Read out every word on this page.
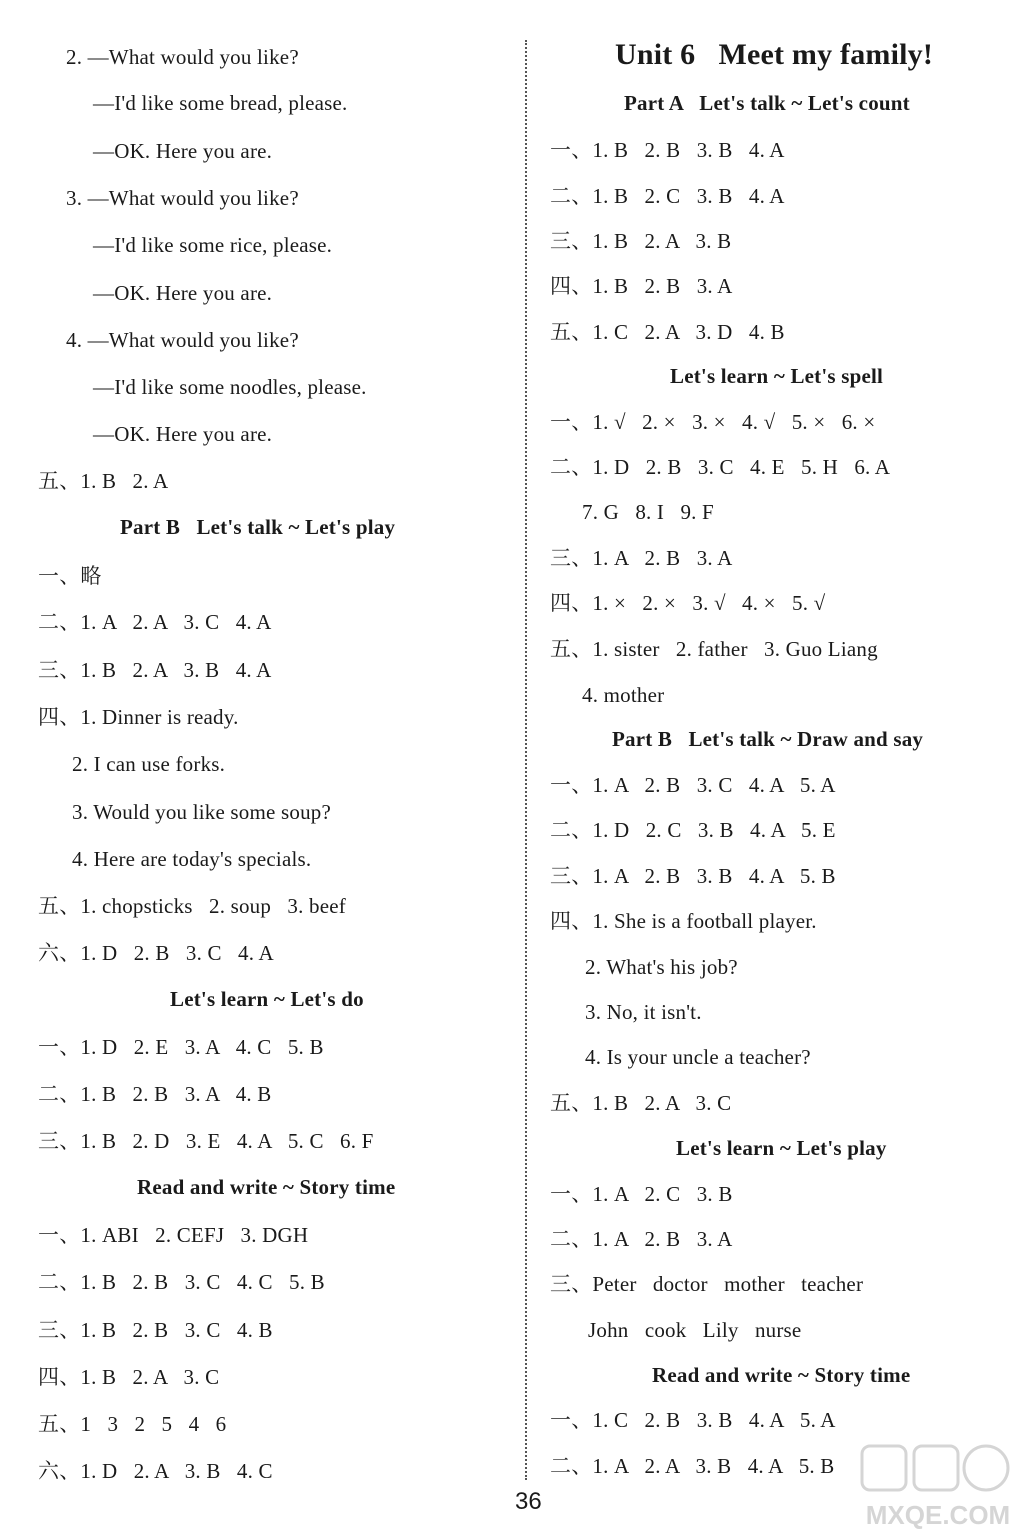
2. —What would you like?
—I'd like some bread, please.
—OK. Here you are.
3. —What would you like?
—I'd like some rice, please.
—OK. Here you are.
4. —What would you like?
—I'd like some noodles, please.
—OK. Here you are.
五、1. B   2. A
Part B   Let's talk ~ Let's play
一、略
二、1. A   2. A   3. C   4. A
三、1. B   2. A   3. B   4. A
四、1. Dinner is ready.
2. I can use forks.
3. Would you like some soup?
4. Here are today's specials.
五、1. chopsticks   2. soup   3. beef
六、1. D   2. B   3. C   4. A
Let's learn ~ Let's do
一、1. D   2. E   3. A   4. C   5. B
二、1. B   2. B   3. A   4. B
三、1. B   2. D   3. E   4. A   5. C   6. F
Read and write ~ Story time
一、1. ABI   2. CEFJ   3. DGH
二、1. B   2. B   3. C   4. C   5. B
三、1. B   2. B   3. C   4. B
四、1. B   2. A   3. C
五、1   3   2   5   4   6
六、1. D   2. A   3. B   4. C
Unit 6   Meet my family!
Part A   Let's talk ~ Let's count
一、1. B   2. B   3. B   4. A
二、1. B   2. C   3. B   4. A
三、1. B   2. A   3. B
四、1. B   2. B   3. A
五、1. C   2. A   3. D   4. B
Let's learn ~ Let's spell
一、1. √   2. ×   3. ×   4. √   5. ×   6. ×
二、1. D   2. B   3. C   4. E   5. H   6. A
7. G   8. I   9. F
三、1. A   2. B   3. A
四、1. ×   2. ×   3. √   4. ×   5. √
五、1. sister   2. father   3. Guo Liang
4. mother
Part B   Let's talk ~ Draw and say
一、1. A   2. B   3. C   4. A   5. A
二、1. D   2. C   3. B   4. A   5. E
三、1. A   2. B   3. B   4. A   5. B
四、1. She is a football player.
2. What's his job?
3. No, it isn't.
4. Is your uncle a teacher?
五、1. B   2. A   3. C
Let's learn ~ Let's play
一、1. A   2. C   3. B
二、1. A   2. B   3. A
三、Peter   doctor   mother   teacher
John   cook   Lily   nurse
Read and write ~ Story time
一、1. C   2. B   3. B   4. A   5. A
二、1. A   2. A   3. B   4. A   5. B
36	MXQE.COM
